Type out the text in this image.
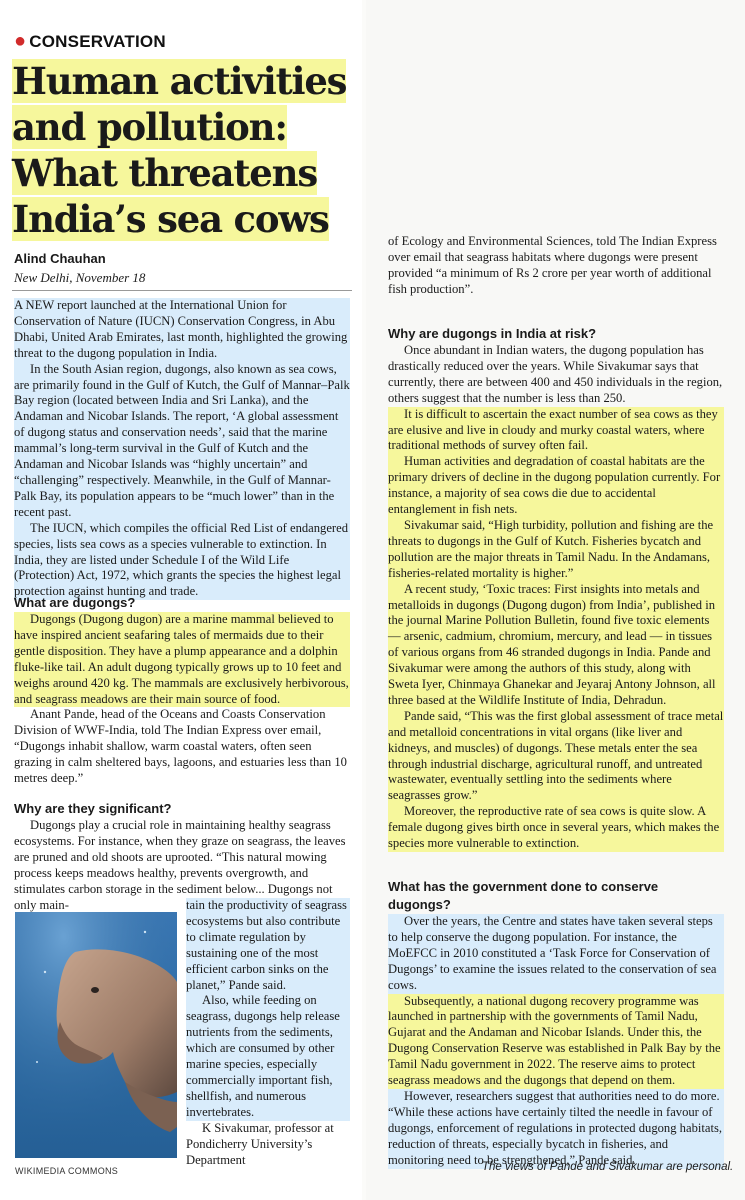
● CONSERVATION
Human activities
and pollution:
What threatens
India’s sea cows
Alind Chauhan
New Delhi, November 18

A NEW report launched at the International Union for Conservation of Nature (IUCN) Conservation Congress, in Abu Dhabi, United Arab Emirates, last month, highlighted the growing threat to the dugong population in India.

In the South Asian region, dugongs, also known as sea cows, are primarily found in the Gulf of Kutch, the Gulf of Mannar–Palk Bay region (located between India and Sri Lanka), and the Andaman and Nicobar Islands. The report, ‘A global assessment of dugong status and conservation needs’, said that the marine mammal’s long-term survival in the Gulf of Kutch and the Andaman and Nicobar Islands was “highly uncertain” and “challenging” respectively. Meanwhile, in the Gulf of Mannar-Palk Bay, its population appears to be “much lower” than in the recent past.

The IUCN, which compiles the official Red List of endangered species, lists sea cows as a species vulnerable to extinction. In India, they are listed under Schedule I of the Wild Life (Protection) Act, 1972, which grants the species the highest legal protection against hunting and trade.

What are dugongs?

Dugongs (Dugong dugon) are a marine mammal believed to have inspired ancient seafaring tales of mermaids due to their gentle disposition. They have a plump appearance and a dolphin fluke-like tail. An adult dugong typically grows up to 10 feet and weighs around 420 kg. The mammals are exclusively herbivorous, and seagrass meadows are their main source of food.

Anant Pande, head of the Oceans and Coasts Conservation Division of WWF-India, told The Indian Express over email, “Dugongs inhabit shallow, warm coastal waters, often seen grazing in calm sheltered bays, lagoons, and estuaries less than 10 metres deep.”

Why are they significant?

Dugongs play a crucial role in maintaining healthy seagrass ecosystems. For instance, when they graze on seagrass, the leaves are pruned and old shoots are uprooted. “This natural mowing process keeps meadows healthy, prevents overgrowth, and stimulates carbon storage in the sediment below... Dugongs not only main-	tain the productivity of seagrass ecosystems but also contribute to climate regulation by sustaining one of the most efficient carbon sinks on the planet,” Pande said.

Also, while feeding on seagrass, dugongs help release nutrients from the sediments, which are consumed by other marine species, especially commercially important fish, shellfish, and numerous invertebrates.

K Sivakumar, professor at Pondicherry University’s Department

WIKIMEDIA COMMONS

of Ecology and Environmental Sciences, told The Indian Express over email that seagrass habitats where dugongs were present provided “a minimum of Rs 2 crore per year worth of additional fish production”.

Why are dugongs in India at risk?

Once abundant in Indian waters, the dugong population has drastically reduced over the years. While Sivakumar says that currently, there are between 400 and 450 individuals in the region, others suggest that the number is less than 250.

It is difficult to ascertain the exact number of sea cows as they are elusive and live in cloudy and murky coastal waters, where traditional methods of survey often fail.

Human activities and degradation of coastal habitats are the primary drivers of decline in the dugong population currently. For instance, a majority of sea cows die due to accidental entanglement in fish nets.

Sivakumar said, “High turbidity, pollution and fishing are the threats to dugongs in the Gulf of Kutch. Fisheries bycatch and pollution are the major threats in Tamil Nadu. In the Andamans, fisheries-related mortality is higher.”

A recent study, ‘Toxic traces: First insights into metals and metalloids in dugongs (Dugong dugon) from India’, published in the journal Marine Pollution Bulletin, found five toxic elements — arsenic, cadmium, chromium, mercury, and lead — in tissues of various organs from 46 stranded dugongs in India. Pande and Sivakumar were among the authors of this study, along with Sweta Iyer, Chinmaya Ghanekar and Jeyaraj Antony Johnson, all three based at the Wildlife Institute of India, Dehradun.

Pande said, “This was the first global assessment of trace metal and metalloid concentrations in vital organs (like liver and kidneys, and muscles) of dugongs. These metals enter the sea through industrial discharge, agricultural runoff, and untreated wastewater, eventually settling into the sediments where seagrasses grow.”

Moreover, the reproductive rate of sea cows is quite slow. A female dugong gives birth once in several years, which makes the species more vulnerable to extinction.

What has the government done to conserve dugongs?

Over the years, the Centre and states have taken several steps to help conserve the dugong population. For instance, the MoEFCC in 2010 constituted a ‘Task Force for Conservation of Dugongs’ to examine the issues related to the conservation of sea cows.

Subsequently, a national dugong recovery programme was launched in partnership with the governments of Tamil Nadu, Gujarat and the Andaman and Nicobar Islands. Under this, the Dugong Conservation Reserve was established in Palk Bay by the Tamil Nadu government in 2022. The reserve aims to protect seagrass meadows and the dugongs that depend on them.

However, researchers suggest that authorities need to do more. “While these actions have certainly tilted the needle in favour of dugongs, enforcement of regulations in protected dugong habitats, reduction of threats, especially bycatch in fisheries, and monitoring need to be strengthened,” Pande said.

The views of Pande and Sivakumar are personal.
